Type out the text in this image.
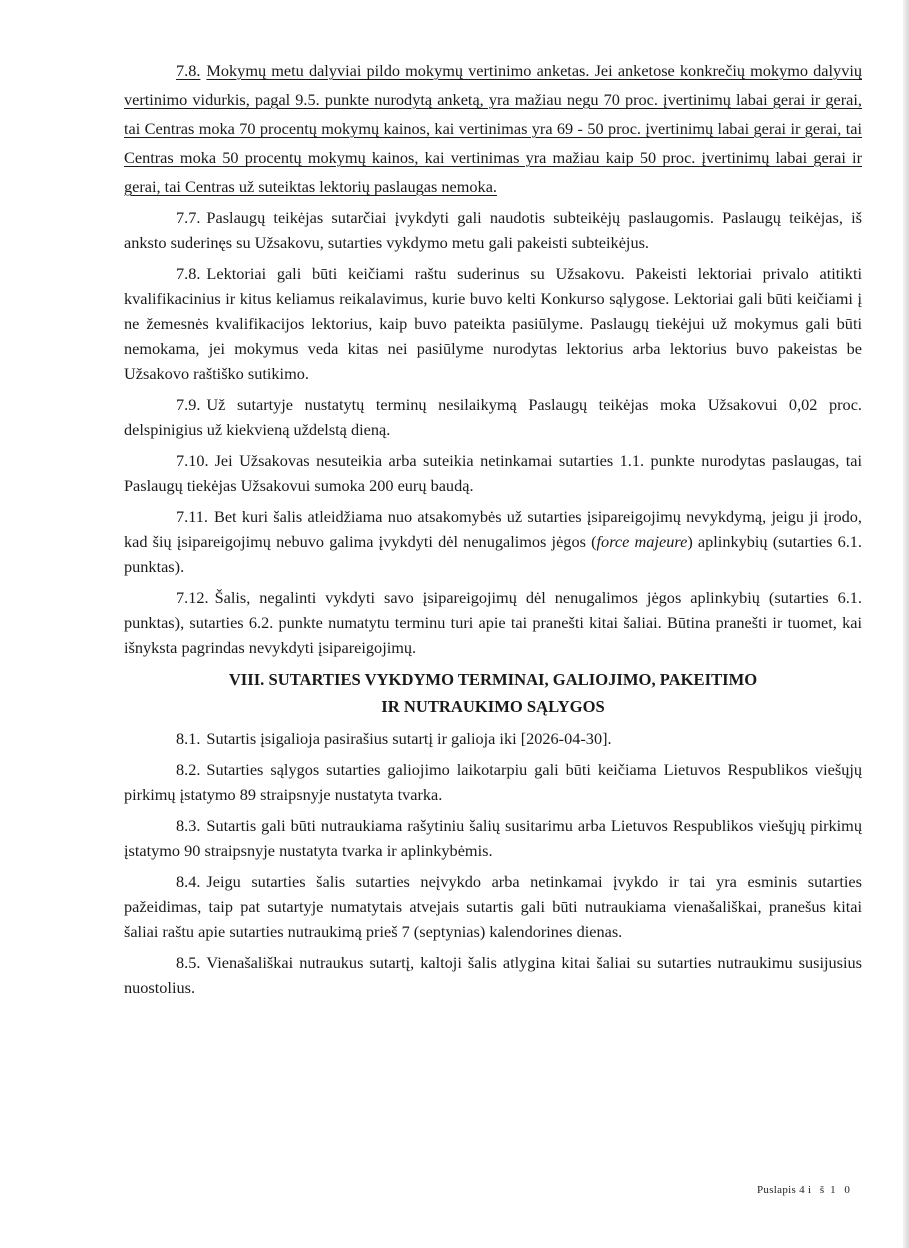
7.8. Mokymų metu dalyviai pildo mokymų vertinimo anketas. Jei anketose konkrečių mokymo dalyvių vertinimo vidurkis, pagal 9.5. punkte nurodytą anketą, yra mažiau negu 70 proc. įvertinimų labai gerai ir gerai, tai Centras moka 70 procentų mokymų kainos, kai vertinimas yra 69 - 50 proc. įvertinimų labai gerai ir gerai, tai Centras moka 50 procentų mokymų kainos, kai vertinimas yra mažiau kaip 50 proc. įvertinimų labai gerai ir gerai, tai Centras už suteiktas lektorių paslaugas nemoka.

7.7. Paslaugų teikėjas sutarčiai įvykdyti gali naudotis subteikėjų paslaugomis. Paslaugų teikėjas, iš anksto suderinęs su Užsakovu, sutarties vykdymo metu gali pakeisti subteikėjus.

7.8. Lektoriai gali būti keičiami raštu suderinus su Užsakovu. Pakeisti lektoriai privalo atitikti kvalifikacinius ir kitus keliamus reikalavimus, kurie buvo kelti Konkurso sąlygose. Lektoriai gali būti keičiami į ne žemesnės kvalifikacijos lektorius, kaip buvo pateikta pasiūlyme. Paslaugų tiekėjui už mokymus gali būti nemokama, jei mokymus veda kitas nei pasiūlyme nurodytas lektorius arba lektorius buvo pakeistas be Užsakovo raštiško sutikimo.

7.9. Už sutartyje nustatytų terminų nesilaikymą Paslaugų teikėjas moka Užsakovui 0,02 proc. delspinigius už kiekvieną uždelstą dieną.

7.10. Jei Užsakovas nesuteikia arba suteikia netinkamai sutarties 1.1. punkte nurodytas paslaugas, tai Paslaugų tiekėjas Užsakovui sumoka 200 eurų baudą.

7.11. Bet kuri šalis atleidžiama nuo atsakomybės už sutarties įsipareigojimų nevykdymą, jeigu ji įrodo, kad šių įsipareigojimų nebuvo galima įvykdyti dėl nenugalimos jėgos (force majeure) aplinkybių (sutarties 6.1. punktas).

7.12. Šalis, negalinti vykdyti savo įsipareigojimų dėl nenugalimos jėgos aplinkybių (sutarties 6.1. punktas), sutarties 6.2. punkte numatytu terminu turi apie tai pranešti kitai šaliai. Būtina pranešti ir tuomet, kai išnyksta pagrindas nevykdyti įsipareigojimų.

VIII. SUTARTIES VYKDYMO TERMINAI, GALIOJIMO, PAKEITIMO
IR NUTRAUKIMO SĄLYGOS

8.1. Sutartis įsigalioja pasirašius sutartį ir galioja iki [2026-04-30].

8.2. Sutarties sąlygos sutarties galiojimo laikotarpiu gali būti keičiama Lietuvos Respublikos viešųjų pirkimų įstatymo 89 straipsnyje nustatyta tvarka.

8.3. Sutartis gali būti nutraukiama rašytiniu šalių susitarimu arba Lietuvos Respublikos viešųjų pirkimų įstatymo 90 straipsnyje nustatyta tvarka ir aplinkybėmis.

8.4. Jeigu sutarties šalis sutarties neįvykdo arba netinkamai įvykdo ir tai yra esminis sutarties pažeidimas, taip pat sutartyje numatytais atvejais sutartis gali būti nutraukiama vienašališkai, pranešus kitai šaliai raštu apie sutarties nutraukimą prieš 7 (septynias) kalendorines dienas.

8.5. Vienašališkai nutraukus sutartį, kaltoji šalis atlygina kitai šaliai su sutarties nutraukimu susijusius nuostolius.

Puslapis 4 i š 1 0
